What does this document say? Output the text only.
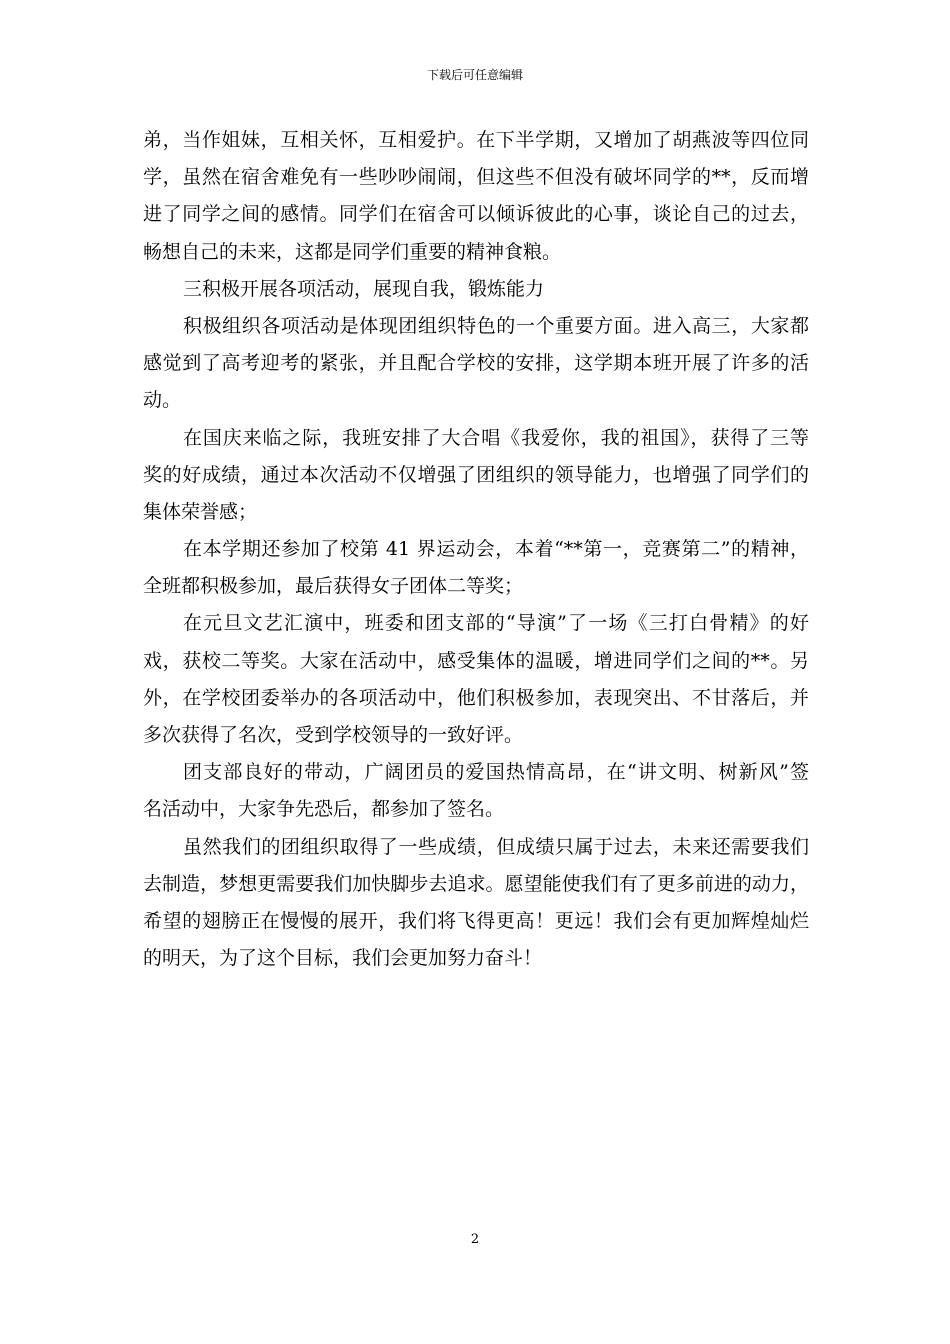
下载后可任意编辑
弟，当作姐妹，互相关怀，互相爱护。在下半学期，又增加了胡燕波等四位同
学，虽然在宿舍难免有一些吵吵闹闹，但这些不但没有破坏同学的**，反而增
进了同学之间的感情。同学们在宿舍可以倾诉彼此的心事，谈论自己的过去，
畅想自己的未来，这都是同学们重要的精神食粮。
三积极开展各项活动，展现自我，锻炼能力
积极组织各项活动是体现团组织特色的一个重要方面。进入高三，大家都
感觉到了高考迎考的紧张，并且配合学校的安排，这学期本班开展了许多的活
动。
在国庆来临之际，我班安排了大合唱《我爱你，我的祖国》，获得了三等
奖的好成绩，通过本次活动不仅增强了团组织的领导能力，也增强了同学们的
集体荣誉感；
在本学期还参加了校第 41 界运动会，本着“**第一，竞赛第二”的精神，
全班都积极参加，最后获得女子团体二等奖；
在元旦文艺汇演中，班委和团支部的“导演”了一场《三打白骨精》的好
戏，获校二等奖。大家在活动中，感受集体的温暖，增进同学们之间的**。另
外，在学校团委举办的各项活动中，他们积极参加，表现突出、不甘落后，并
多次获得了名次，受到学校领导的一致好评。
团支部良好的带动，广阔团员的爱国热情高昂，在“讲文明、树新风”签
名活动中，大家争先恐后，都参加了签名。
虽然我们的团组织取得了一些成绩，但成绩只属于过去，未来还需要我们
去制造，梦想更需要我们加快脚步去追求。愿望能使我们有了更多前进的动力，
希望的翅膀正在慢慢的展开，我们将飞得更高！更远！我们会有更加辉煌灿烂
的明天，为了这个目标，我们会更加努力奋斗！
2
